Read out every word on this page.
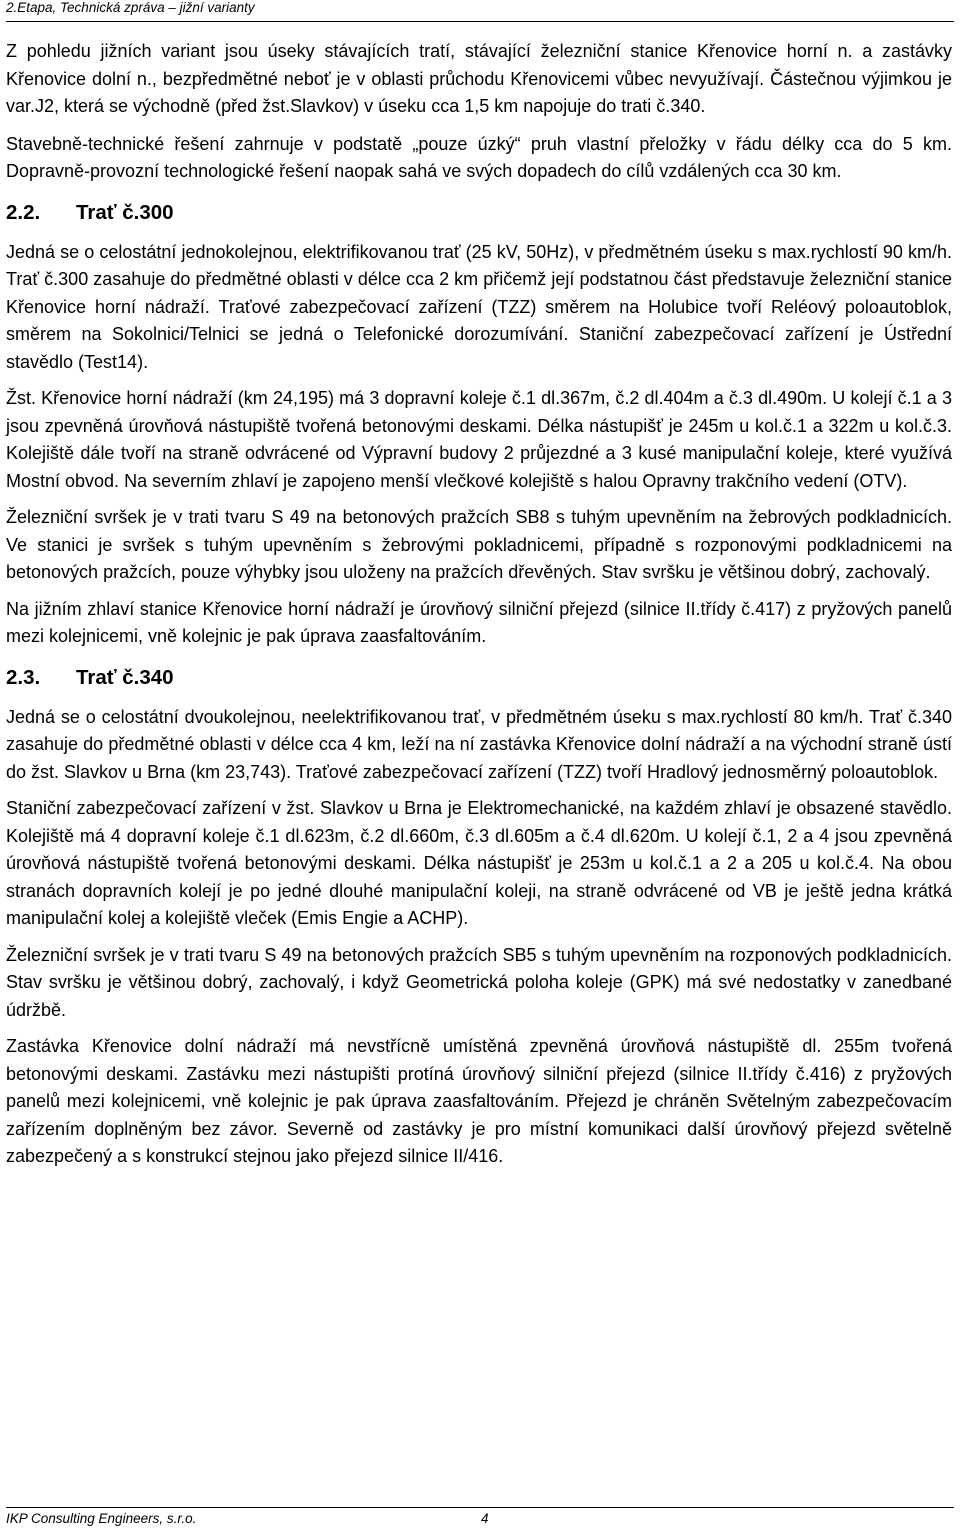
2.Etapa, Technická zpráva – jižní varianty

Z pohledu jižních variant jsou úseky stávajících tratí, stávající železniční stanice Křenovice horní n. a zastávky Křenovice dolní n., bezpředmětné neboť je v oblasti průchodu Křenovicemi vůbec nevyužívají. Částečnou výjimkou je var.J2, která se východně (před žst.Slavkov) v úseku cca 1,5 km napojuje do trati č.340.

Stavebně-technické řešení zahrnuje v podstatě „pouze úzký“ pruh vlastní přeložky v řádu délky cca do 5 km. Dopravně-provozní technologické řešení naopak sahá ve svých dopadech do cílů vzdálených cca 30 km.

2.2. Trať č.300

Jedná se o celostátní jednokolejnou, elektrifikovanou trať (25 kV, 50Hz), v předmětném úseku s max.rychlostí 90 km/h. Trať č.300 zasahuje do předmětné oblasti v délce cca 2 km přičemž její podstatnou část představuje železniční stanice Křenovice horní nádraží. Traťové zabezpečovací zařízení (TZZ) směrem na Holubice tvoří Reléový poloautoblok, směrem na Sokolnici/Telnici se jedná o Telefonické dorozumívání. Staniční zabezpečovací zařízení je Ústřední stavědlo (Test14).

Žst. Křenovice horní nádraží (km 24,195) má 3 dopravní koleje č.1 dl.367m, č.2 dl.404m a č.3 dl.490m. U kolejí č.1 a 3 jsou zpevněná úrovňová nástupiště tvořená betonovými deskami. Délka nástupišť je 245m u kol.č.1 a 322m u kol.č.3. Kolejiště dále tvoří na straně odvrácené od Výpravní budovy 2 průjezdné a 3 kusé manipulační koleje, které využívá Mostní obvod. Na severním zhlaví je zapojeno menší vlečkové kolejiště s halou Opravny trakčního vedení (OTV).

Železniční svršek je v trati tvaru S 49 na betonových pražcích SB8 s tuhým upevněním na žebrových podkladnicích. Ve stanici je svršek s tuhým upevněním s žebrovými pokladnicemi, případně s rozponovými podkladnicemi na betonových pražcích, pouze výhybky jsou uloženy na pražcích dřevěných. Stav svršku je většinou dobrý, zachovalý.

Na jižním zhlaví stanice Křenovice horní nádraží je úrovňový silniční přejezd (silnice II.třídy č.417) z pryžových panelů mezi kolejnicemi, vně kolejnic je pak úprava zaasfaltováním.

2.3. Trať č.340

Jedná se o celostátní dvoukolejnou, neelektrifikovanou trať, v předmětném úseku s max.rychlostí 80 km/h. Trať č.340 zasahuje do předmětné oblasti v délce cca 4 km, leží na ní zastávka Křenovice dolní nádraží a na východní straně ústí do žst. Slavkov u Brna (km 23,743). Traťové zabezpečovací zařízení (TZZ) tvoří Hradlový jednosměrný poloautoblok.

Staniční zabezpečovací zařízení v žst. Slavkov u Brna je Elektromechanické, na každém zhlaví je obsazené stavědlo. Kolejiště má 4 dopravní koleje č.1 dl.623m, č.2 dl.660m, č.3 dl.605m a č.4 dl.620m. U kolejí č.1, 2 a 4 jsou zpevněná úrovňová nástupiště tvořená betonovými deskami. Délka nástupišť je 253m u kol.č.1 a 2 a 205 u kol.č.4. Na obou stranách dopravních kolejí je po jedné dlouhé manipulační koleji, na straně odvrácené od VB je ještě jedna krátká manipulační kolej a kolejiště vleček (Emis Engie a ACHP).

Železniční svršek je v trati tvaru S 49 na betonových pražcích SB5 s tuhým upevněním na rozponových podkladnicích. Stav svršku je většinou dobrý, zachovalý, i když Geometrická poloha koleje (GPK) má své nedostatky v zanedbané údržbě.

Zastávka Křenovice dolní nádraží má nevstřícně umístěná zpevněná úrovňová nástupiště dl. 255m tvořená betonovými deskami. Zastávku mezi nástupišti protíná úrovňový silniční přejezd (silnice II.třídy č.416) z pryžových panelů mezi kolejnicemi, vně kolejnic je pak úprava zaasfaltováním. Přejezd je chráněn Světelným zabezpečovacím zařízením doplněným bez závor. Severně od zastávky je pro místní komunikaci další úrovňový přejezd světelně zabezpečený a s konstrukcí stejnou jako přejezd silnice II/416.

IKP Consulting Engineers, s.r.o.	4
